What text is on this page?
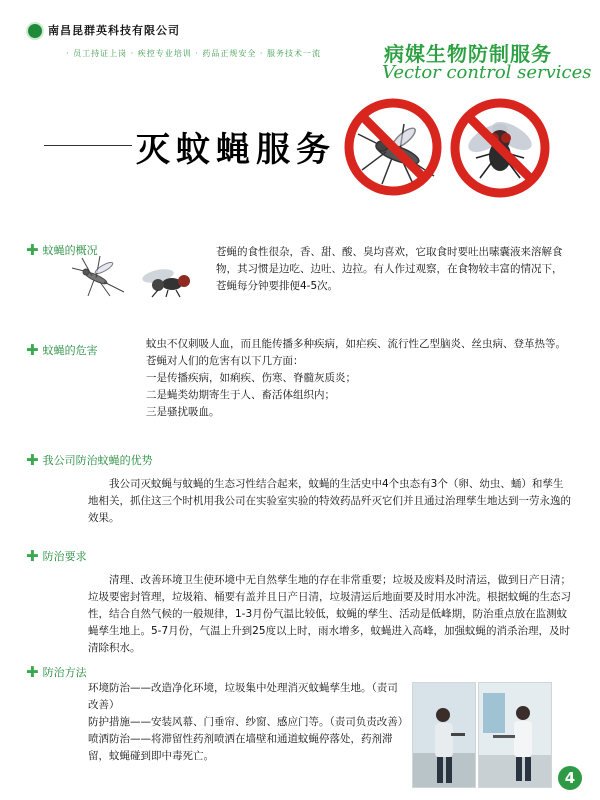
南昌昆群英科技有限公司
· 员工持证上岗 · 疾控专业培训 · 药品正规安全 · 服务技术一流	病媒生物防制服务
Vector control services
灭蚊蝇服务
✚ 蚊蝇的概况	苍蝇的食性很杂，香、甜、酸、臭均喜欢，它取食时要吐出嗉囊液来溶解食物，其习惯是边吃、边吐、边拉。有人作过观察，在食物较丰富的情况下，苍蝇每分钟要排便4-5次。
✚ 蚊蝇的危害	蚊虫不仅刺吸人血，而且能传播多种疾病，如疟疾、流行性乙型脑炎、丝虫病、登革热等。
苍蝇对人们的危害有以下几方面：
一是传播疾病，如痢疾、伤寒、脊髓灰质炎；
二是蝇类幼期寄生于人、畜活体组织内；
三是骚扰吸血。
✚ 我公司防治蚊蝇的优势
我公司灭蚊蝇与蚊蝇的生态习性结合起来，蚊蝇的生活史中4个虫态有3个（卵、幼虫、蛹）和孳生地相关，抓住这三个时机用我公司在实验室实验的特效药品歼灭它们并且通过治理孳生地达到一劳永逸的效果。
✚ 防治要求
清理、改善环境卫生使环境中无自然孳生地的存在非常重要；垃圾及废料及时清运，做到日产日清；垃圾要密封管理，垃圾箱、桶要有盖并且日产日清，垃圾清运后地面要及时用水冲洗。根据蚊蝇的生态习性，结合自然气候的一般规律，1-3月份气温比较低，蚊蝇的孳生、活动是低峰期，防治重点放在监测蚊蝇孳生地上。5-7月份，气温上升到25度以上时，雨水增多，蚊蝇进入高峰，加强蚊蝇的消杀治理，及时清除积水。
✚ 防治方法
环境防治——改造净化环境，垃圾集中处理消灭蚊蝇孳生地。（责司改善）
防护措施——安装风幕、门垂帘、纱窗、感应门等。（责司负责改善）
喷洒防治——将滞留性药剂喷洒在墙壁和通道蚊蝇停落处，药剂滞留，蚊蝇碰到即中毒死亡。
4
